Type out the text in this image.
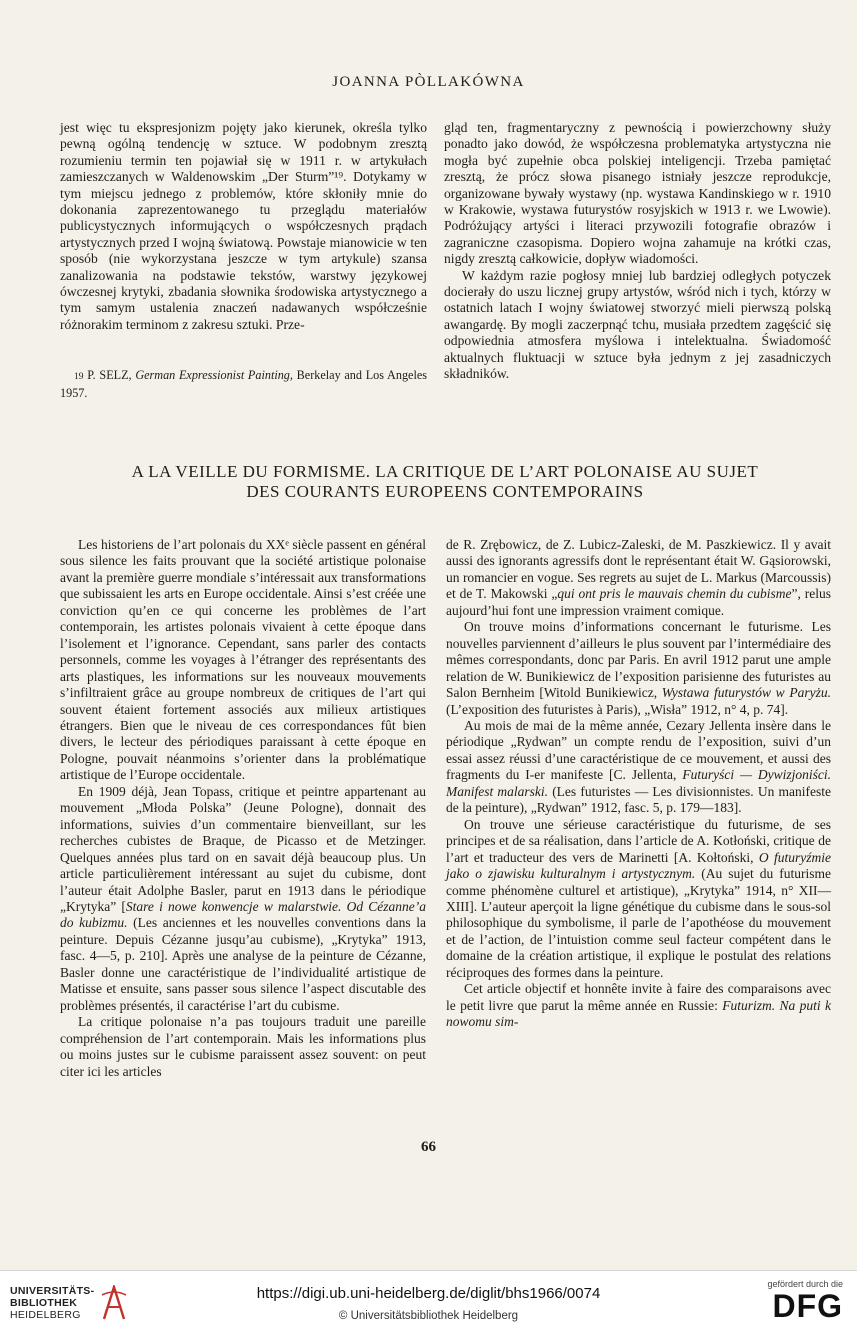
JOANNA PÒLLAKÓWNA

jest więc tu ekspresjonizm pojęty jako kierunek, określa tylko pewną ogólną tendencję w sztuce. W podobnym zresztą rozumieniu termin ten pojawiał się w 1911 r. w artykułach zamieszczanych w Waldenowskim „Der Sturm”¹⁹. Dotykamy w tym miejscu jednego z problemów, które skłoniły mnie do dokonania zaprezentowanego tu przeglądu materiałów publicystycznych informujących o współczesnych prądach artystycznych przed I wojną światową. Powstaje mianowicie w ten sposób (nie wykorzystana jeszcze w tym artykule) szansa zanalizowania na podstawie tekstów, warstwy językowej ówczesnej krytyki, zbadania słownika środowiska artystycznego a tym samym ustalenia znaczeń nadawanych współcześnie różnorakim terminom z zakresu sztuki. Prze-

19 P. SELZ, German Expressionist Painting, Berkelay and Los Angeles 1957.

gląd ten, fragmentaryczny z pewnością i powierzchowny służy ponadto jako dowód, że współczesna problematyka artystyczna nie mogła być zupełnie obca polskiej inteligencji. Trzeba pamiętać zresztą, że prócz słowa pisanego istniały jeszcze reprodukcje, organizowane bywały wystawy (np. wystawa Kandinskiego w r. 1910 w Krakowie, wystawa futurystów rosyjskich w 1913 r. we Lwowie). Podróżujący artyści i literaci przywozili fotografie obrazów i zagraniczne czasopisma. Dopiero wojna zahamuje na krótki czas, nigdy zresztą całkowicie, dopływ wiadomości.

W każdym razie pogłosy mniej lub bardziej odległych potyczek docierały do uszu licznej grupy artystów, wśród nich i tych, którzy w ostatnich latach I wojny światowej stworzyć mieli pierwszą polską awangardę. By mogli zaczerpnąć tchu, musiała przedtem zagęścić się odpowiednia atmosfera myślowa i intelektualna. Świadomość aktualnych fluktuacji w sztuce była jednym z jej zasadniczych składników.

A LA VEILLE DU FORMISME. LA CRITIQUE DE L’ART POLONAISE AU SUJET
DES COURANTS EUROPEENS CONTEMPORAINS

Les historiens de l’art polonais du XXᵉ siècle passent en général sous silence les faits prouvant que la société artistique polonaise avant la première guerre mondiale s’intéressait aux transformations que subissaient les arts en Europe occidentale. Ainsi s’est créée une conviction qu’en ce qui concerne les problèmes de l’art contemporain, les artistes polonais vivaient à cette époque dans l’isolement et l’ignorance. Cependant, sans parler des contacts personnels, comme les voyages à l’étranger des représentants des arts plastiques, les informations sur les nouveaux mouvements s’infiltraient grâce au groupe nombreux de critiques de l’art qui souvent étaient fortement associés aux milieux artistiques étrangers. Bien que le niveau de ces correspondances fût bien divers, le lecteur des périodiques paraissant à cette époque en Pologne, pouvait néanmoins s’orienter dans la problématique artistique de l’Europe occidentale.

En 1909 déjà, Jean Topass, critique et peintre appartenant au mouvement „Młoda Polska” (Jeune Pologne), donnait des informations, suivies d’un commentaire bienveillant, sur les recherches cubistes de Braque, de Picasso et de Metzinger. Quelques années plus tard on en savait déjà beaucoup plus. Un article particulièrement intéressant au sujet du cubisme, dont l’auteur était Adolphe Basler, parut en 1913 dans le périodique „Krytyka” [Stare i nowe konwencje w malarstwie. Od Cézanne’a do kubizmu. (Les anciennes et les nouvelles conventions dans la peinture. Depuis Cézanne jusqu’au cubisme), „Krytyka” 1913, fasc. 4—5, p. 210]. Après une analyse de la peinture de Cézanne, Basler donne une caractéristique de l’individualité artistique de Matisse et ensuite, sans passer sous silence l’aspect discutable des problèmes présentés, il caractérise l’art du cubisme.

La critique polonaise n’a pas toujours traduit une pareille compréhension de l’art contemporain. Mais les informations plus ou moins justes sur le cubisme paraissent assez souvent: on peut citer ici les articles

de R. Zrębowicz, de Z. Lubicz-Zaleski, de M. Paszkiewicz. Il y avait aussi des ignorants agressifs dont le représentant était W. Gąsiorowski, un romancier en vogue. Ses regrets au sujet de L. Markus (Marcoussis) et de T. Makowski „qui ont pris le mauvais chemin du cubisme”, relus aujourd’hui font une impression vraiment comique.

On trouve moins d’informations concernant le futurisme. Les nouvelles parviennent d’ailleurs le plus souvent par l’intermédiaire des mêmes correspondants, donc par Paris. En avril 1912 parut une ample relation de W. Bunikiewicz de l’exposition parisienne des futuristes au Salon Bernheim [Witold Bunikiewicz, Wystawa futurystów w Paryżu. (L’exposition des futuristes à Paris), „Wisła” 1912, n° 4, p. 74].

Au mois de mai de la même année, Cezary Jellenta insère dans le périodique „Rydwan” un compte rendu de l’exposition, suivi d’un essai assez réussi d’une caractéristique de ce mouvement, et aussi des fragments du I-er manifeste [C. Jellenta, Futuryści — Dywizjoniści. Manifest malarski. (Les futuristes — Les divisionnistes. Un manifeste de la peinture), „Rydwan” 1912, fasc. 5, p. 179—183].

On trouve une sérieuse caractéristique du futurisme, de ses principes et de sa réalisation, dans l’article de A. Kotłoński, critique de l’art et traducteur des vers de Marinetti [A. Kołtoński, O futuryźmie jako o zjawisku kulturalnym i artystycznym. (Au sujet du futurisme comme phénomène culturel et artistique), „Krytyka” 1914, n° XII—XIII]. L’auteur aperçoit la ligne génétique du cubisme dans le sous-sol philosophique du symbolisme, il parle de l’apothéose du mouvement et de l’action, de l’intuistion comme seul facteur compétent dans le domaine de la création artistique, il explique le postulat des relations réciproques des formes dans la peinture.

Cet article objectif et honnête invite à faire des comparaisons avec le petit livre que parut la même année en Russie: Futurizm. Na puti k nowomu sim-

66
UNIVERSITÄTS-
BIBLIOTHEK
HEIDELBERG
https://digi.ub.uni-heidelberg.de/diglit/bhs1966/0074
© Universitätsbibliothek Heidelberg
gefördert durch die
DFG
